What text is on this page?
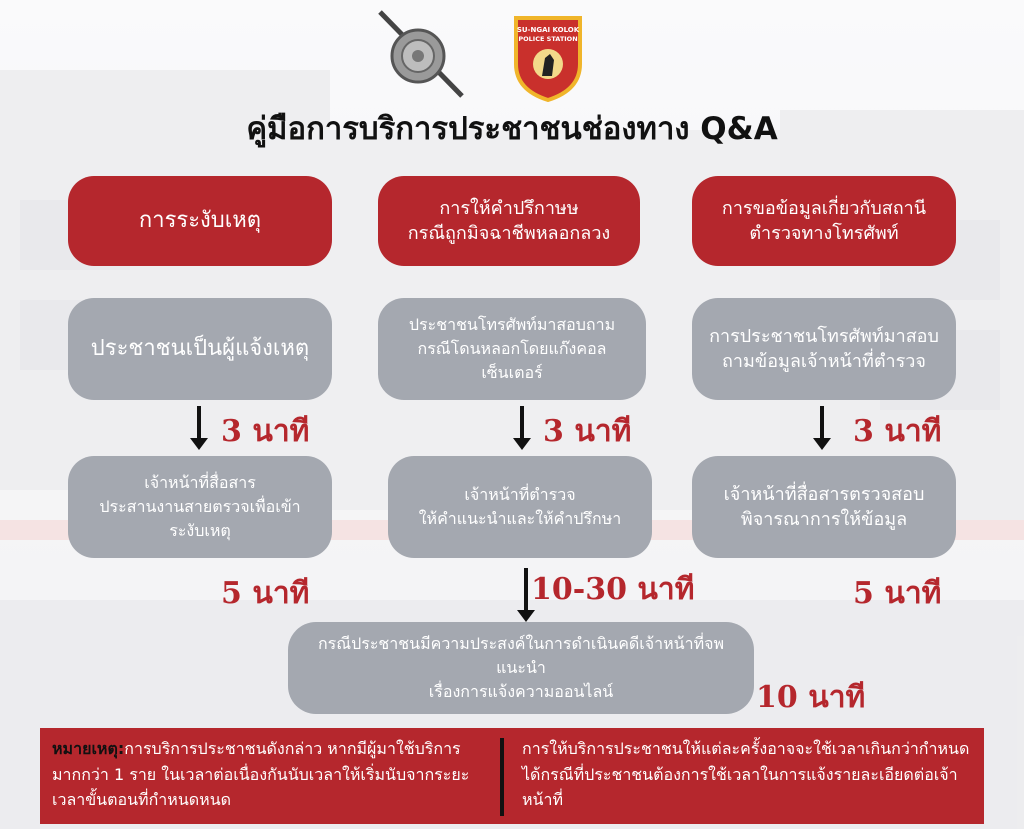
SU-NGAI KOLOK
POLICE STATION
คู่มือการบริการประชาชนช่องทาง Q&A
การระงับเหตุ
ประชาชนเป็นผู้แจ้งเหตุ
3 นาที
เจ้าหน้าที่สื่อสาร
ประสานงานสายตรวจเพื่อเข้า
ระงับเหตุ
5 นาที
การให้คำปรึกาษษ
กรณีถูกมิจฉาชีพหลอกลวง
ประชาชนโทรศัพท์มาสอบถาม
กรณีโดนหลอกโดยแก๊งคอล
เซ็นเตอร์
3 นาที
เจ้าหน้าที่ตำรวจ
ให้คำแนะนำและให้คำปรึกษา
10-30 นาที
กรณีประชาชนมีความประสงค์ในการดำเนินคดีเจ้าหน้าที่จพแนะนำ
เรื่องการแจ้งความออนไลน์	10 นาที
การขอข้อมูลเกี่ยวกับสถานี
ตำรวจทางโทรศัพท์
การประชาชนโทรศัพท์มาสอบ
ถามข้อมูลเจ้าหน้าที่ตำรวจ
3 นาที
เจ้าหน้าที่สื่อสารตรวจสอบ
พิจารณาการให้ข้อมูล
5 นาที
หมายเหตุ:การบริการประชาชนดังกล่าว หากมีผู้มาใช้บริการมากกว่า 1 ราย ในเวลาต่อเนื่องกันนับเวลาให้เริ่มนับจากระยะเวลาขั้นตอนที่กำหนดหนด
การให้บริการประชาชนให้แต่ละครั้งอาจจะใช้เวลาเกินกว่ากำหนดได้กรณีที่ประชาชนต้องการใช้เวลาในการแจ้งรายละเอียดต่อเจ้าหน้าที่
